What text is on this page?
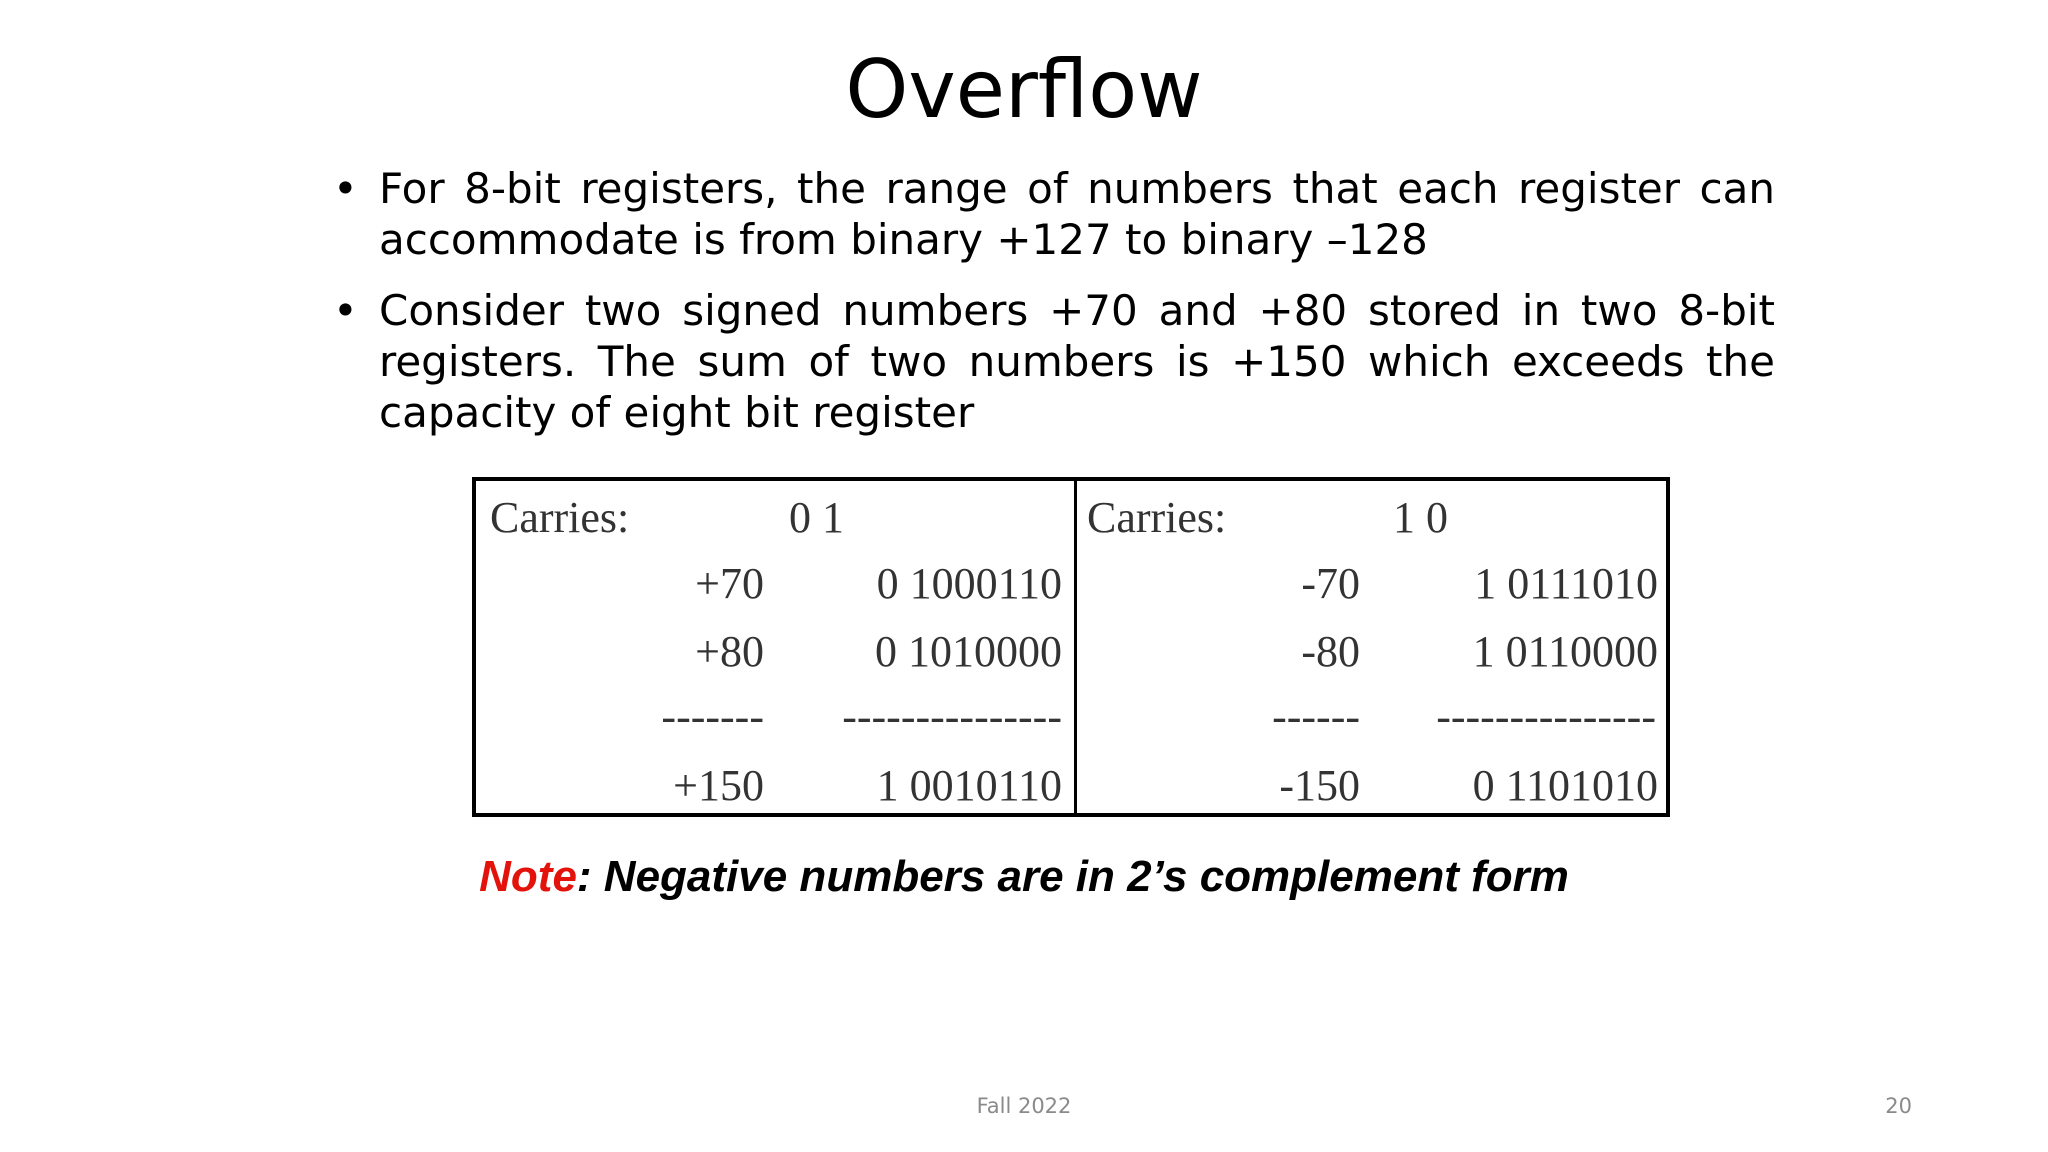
Overflow
• For 8-bit registers, the range of numbers that each register can accommodate is from binary +127 to binary –128
• Consider two signed numbers +70 and +80 stored in two 8-bit registers. The sum of two numbers is +150 which exceeds the capacity of eight bit register
Carries:	0 1
+70	0 1000110
+80	0 1010000
-------	---------------
+150	1 0010110
Carries:	1 0
-70	1 0111010
-80	1 0110000
------	---------------
-150	0 1101010
Note: Negative numbers are in 2’s complement form
Fall 2022	20
